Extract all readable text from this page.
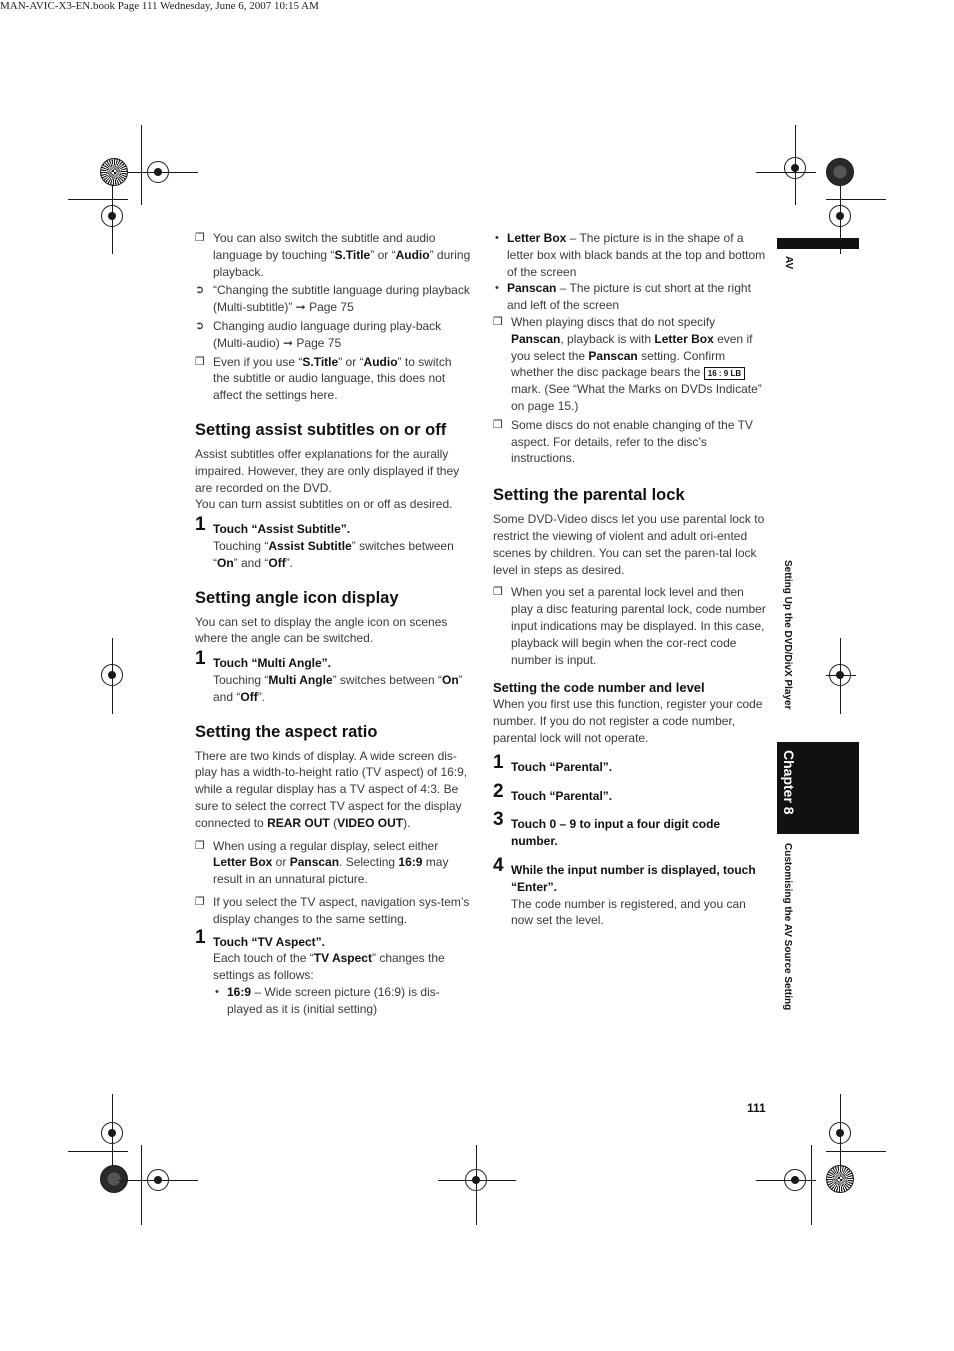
MAN-AVIC-X3-EN.book Page 111 Wednesday, June 6, 2007 10:15 AM
AV
Setting Up the DVD/DivX Player
Chapter 8
Customising the AV Source Setting
❒ You can also switch the subtitle and audio language by touching “S.Title” or “Audio” during playback.
➲ “Changing the subtitle language during playback (Multi-subtitle)” ➞ Page 75
➲ Changing audio language during play-back (Multi-audio) ➞ Page 75
❒ Even if you use “S.Title” or “Audio” to switch the subtitle or audio language, this does not affect the settings here.
Setting assist subtitles on or off

Assist subtitles offer explanations for the aurally impaired. However, they are only displayed if they are recorded on the DVD.

You can turn assist subtitles on or off as desired.

1 Touch “Assist Subtitle”.
Touching “Assist Subtitle” switches between “On” and “Off”.
Setting angle icon display

You can set to display the angle icon on scenes where the angle can be switched.

1 Touch “Multi Angle”.
Touching “Multi Angle” switches between “On” and “Off”.
Setting the aspect ratio

There are two kinds of display. A wide screen dis-play has a width-to-height ratio (TV aspect) of 16:9, while a regular display has a TV aspect of 4:3. Be sure to select the correct TV aspect for the display connected to REAR OUT (VIDEO OUT).

❒ When using a regular display, select either Letter Box or Panscan. Selecting 16:9 may result in an unnatural picture.
❒ If you select the TV aspect, navigation sys-tem’s display changes to the same setting.
1 Touch “TV Aspect”.
Each touch of the “TV Aspect” changes the settings as follows:
• 16:9 – Wide screen picture (16:9) is dis-played as it is (initial setting)
• Letter Box – The picture is in the shape of a letter box with black bands at the top and bottom of the screen
• Panscan – The picture is cut short at the right and left of the screen
❒ When playing discs that do not specify Panscan, playback is with Letter Box even if you select the Panscan setting. Confirm whether the disc package bears the 16 : 9 LB mark. (See “What the Marks on DVDs Indicate” on page 15.)
❒ Some discs do not enable changing of the TV aspect. For details, refer to the disc’s instructions.
Setting the parental lock

Some DVD-Video discs let you use parental lock to restrict the viewing of violent and adult ori-ented scenes by children. You can set the paren-tal lock level in steps as desired.

❒ When you set a parental lock level and then play a disc featuring parental lock, code number input indications may be displayed. In this case, playback will begin when the cor-rect code number is input.
Setting the code number and level

When you first use this function, register your code number. If you do not register a code number, parental lock will not operate.

1 Touch “Parental”.
2 Touch “Parental”.
3 Touch 0 – 9 to input a four digit code number.
4 While the input number is displayed, touch “Enter”.
The code number is registered, and you can now set the level.
111
